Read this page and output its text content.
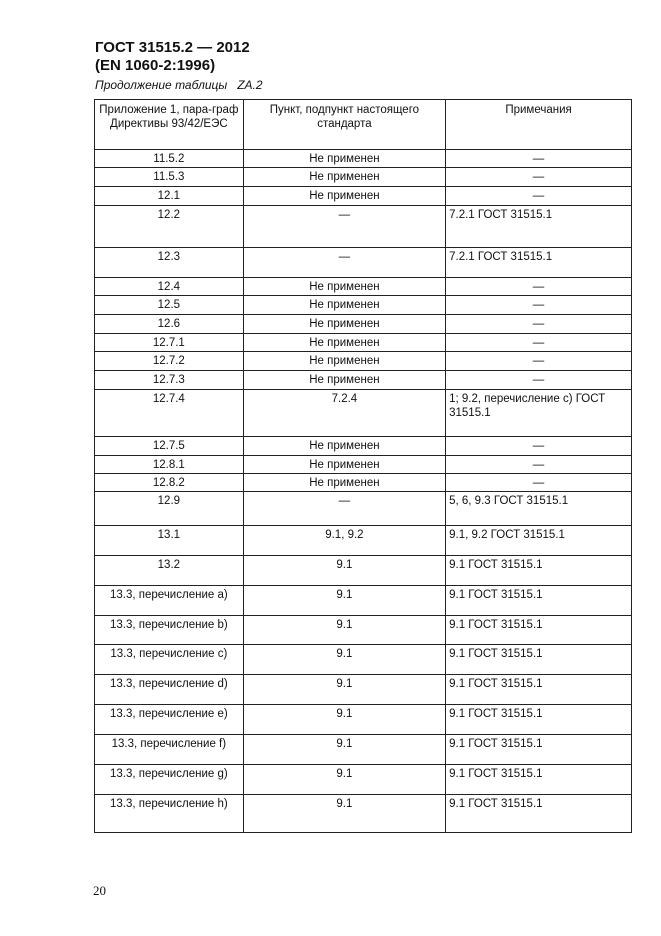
ГОСТ 31515.2 — 2012
(EN 1060-2:1996)
Продолжение таблицы   ZA.2
Приложение 1, пара-граф Директивы 93/42/ЕЭС	Пункт, подпункт настоящего стандарта	Примечания
11.5.2	Не применен	—
11.5.3	Не применен	—
12.1	Не применен	—
12.2	—	7.2.1 ГОСТ 31515.1
12.3	—	7.2.1 ГОСТ 31515.1
12.4	Не применен	—
12.5	Не применен	—
12.6	Не применен	—
12.7.1	Не применен	—
12.7.2	Не применен	—
12.7.3	Не применен	—
12.7.4	7.2.4	1; 9.2, перечисление с) ГОСТ 31515.1
12.7.5	Не применен	—
12.8.1	Не применен	—
12.8.2	Не применен	—
12.9	—	5, 6, 9.3 ГОСТ 31515.1
13.1	9.1, 9.2	9.1, 9.2 ГОСТ 31515.1
13.2	9.1	9.1 ГОСТ 31515.1
13.3, перечисление а)	9.1	9.1 ГОСТ 31515.1
13.3, перечисление b)	9.1	9.1 ГОСТ 31515.1
13.3, перечисление с)	9.1	9.1 ГОСТ 31515.1
13.3, перечисление d)	9.1	9.1 ГОСТ 31515.1
13.3, перечисление е)	9.1	9.1 ГОСТ 31515.1
13.3, перечисление f)	9.1	9.1 ГОСТ 31515.1
13.3, перечисление g)	9.1	9.1 ГОСТ 31515.1
13.3, перечисление h)	9.1	9.1 ГОСТ 31515.1
20
